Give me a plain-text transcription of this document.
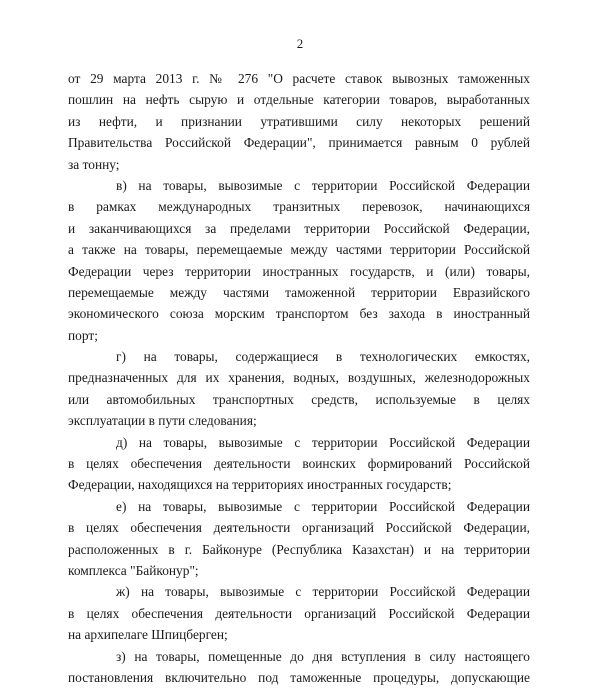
2
от 29 марта 2013 г. № 276 "О расчете ставок вывозных таможенных
пошлин на нефть сырую и отдельные категории товаров, выработанных
из нефти, и признании утратившими силу некоторых решений
Правительства Российской Федерации", принимается равным 0 рублей
за тонну;
в) на товары, вывозимые с территории Российской Федерации
в рамках международных транзитных перевозок, начинающихся
и заканчивающихся за пределами территории Российской Федерации,
а также на товары, перемещаемые между частями территории Российской
Федерации через территории иностранных государств, и (или) товары,
перемещаемые между частями таможенной территории Евразийского
экономического союза морским транспортом без захода в иностранный
порт;
г) на товары, содержащиеся в технологических емкостях,
предназначенных для их хранения, водных, воздушных, железнодорожных
или автомобильных транспортных средств, используемые в целях
эксплуатации в пути следования;
д) на товары, вывозимые с территории Российской Федерации
в целях обеспечения деятельности воинских формирований Российской
Федерации, находящихся на территориях иностранных государств;
е) на товары, вывозимые с территории Российской Федерации
в целях обеспечения деятельности организаций Российской Федерации,
расположенных в г. Байконуре (Республика Казахстан) и на территории
комплекса "Байконур";
ж) на товары, вывозимые с территории Российской Федерации
в целях обеспечения деятельности организаций Российской Федерации
на архипелаге Шпицберген;
з) на товары, помещенные до дня вступления в силу настоящего
постановления включительно под таможенные процедуры, допускающие
